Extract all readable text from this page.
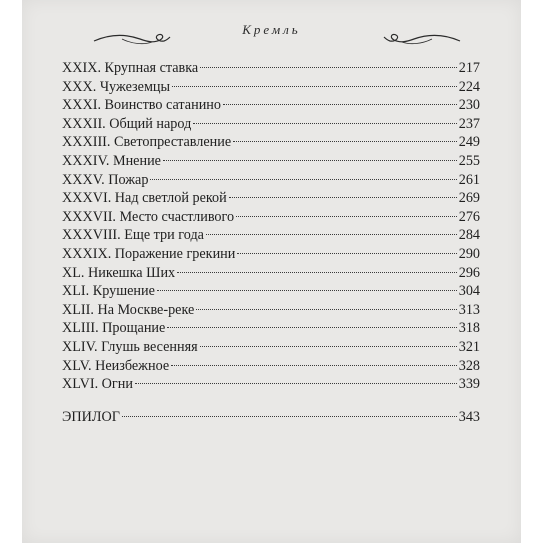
Кремль
XXIX. Крупная ставка	217
XXX. Чужеземцы	224
XXXI. Воинство сатанино	230
XXXII. Общий народ	237
XXXIII. Светопреставление	249
XXXIV. Мнение	255
XXXV. Пожар	261
XXXVI. Над светлой рекой	269
XXXVII. Место счастливого	276
XXXVIII. Еще три года	284
XXXIX. Поражение грекини	290
XL. Никешка Ших	296
XLI. Крушение	304
XLII. На Москве-реке	313
XLIII. Прощание	318
XLIV. Глушь весенняя	321
XLV. Неизбежное	328
XLVI. Огни	339
ЭПИЛОГ	343
